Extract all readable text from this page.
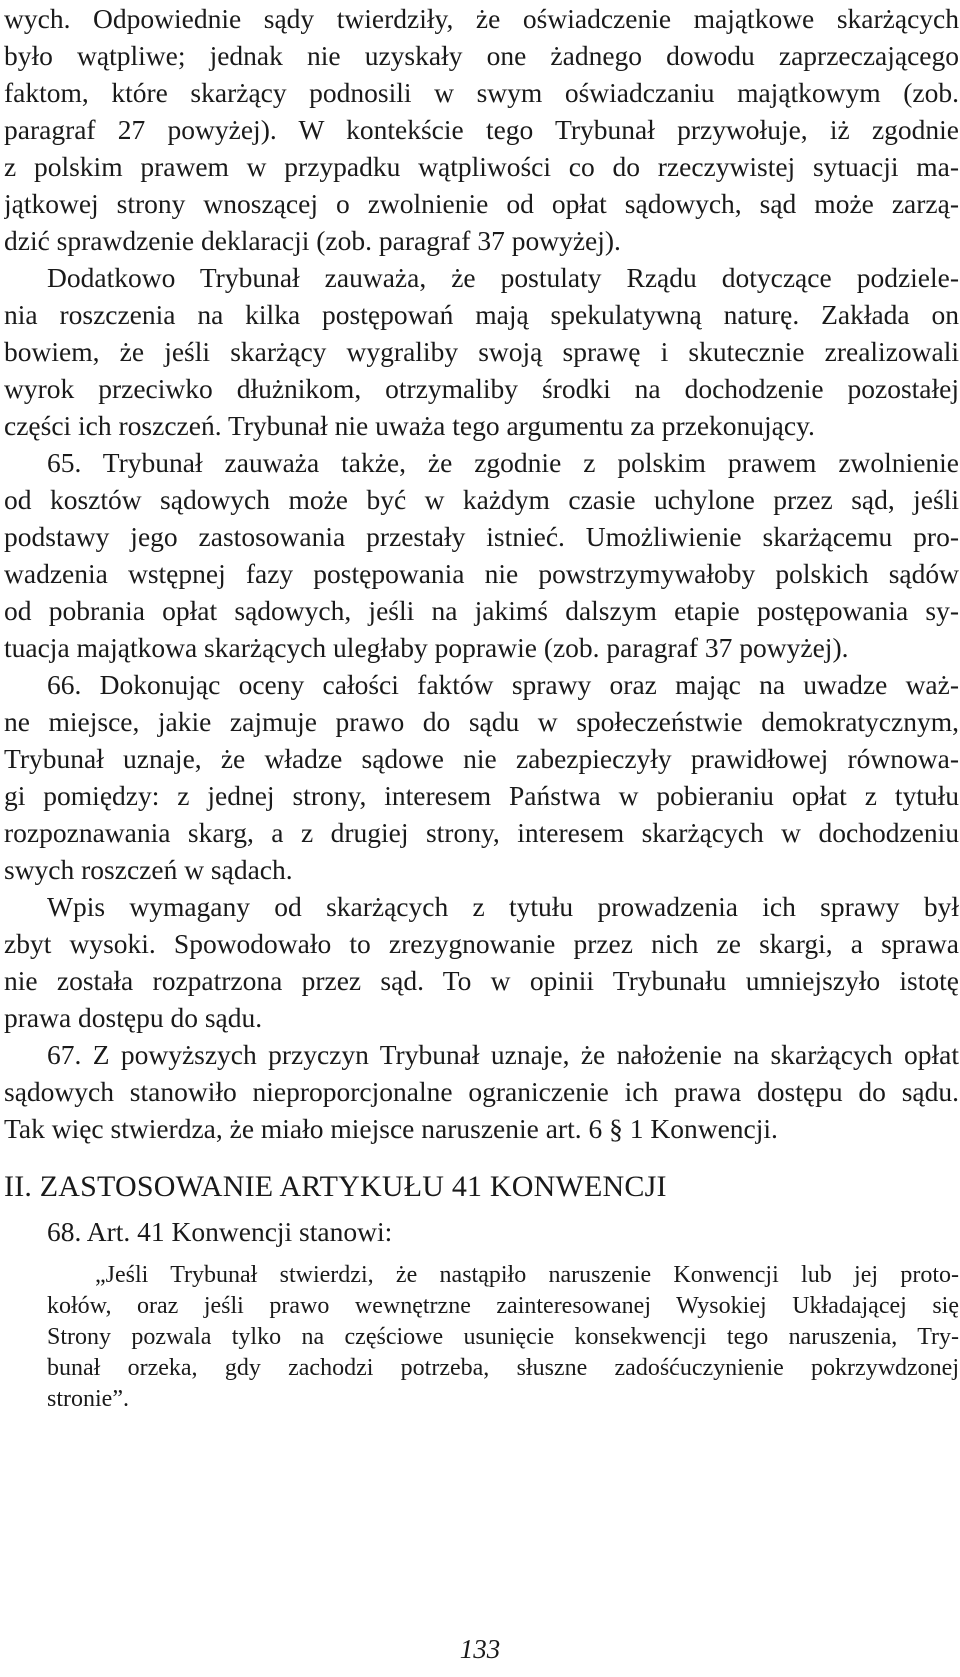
wych. Odpowiednie sądy twierdziły, że oświadczenie majątkowe skarżących
było wątpliwe; jednak nie uzyskały one żadnego dowodu zaprzeczającego
faktom, które skarżący podnosili w swym oświadczaniu majątkowym (zob.
paragraf 27 powyżej). W kontekście tego Trybunał przywołuje, iż zgodnie
z polskim prawem w przypadku wątpliwości co do rzeczywistej sytuacji ma-
jątkowej strony wnoszącej o zwolnienie od opłat sądowych, sąd może zarzą-
dzić sprawdzenie deklaracji (zob. paragraf 37 powyżej).
Dodatkowo Trybunał zauważa, że postulaty Rządu dotyczące podziele-
nia roszczenia na kilka postępowań mają spekulatywną naturę. Zakłada on
bowiem, że jeśli skarżący wygraliby swoją sprawę i skutecznie zrealizowali
wyrok przeciwko dłużnikom, otrzymaliby środki na dochodzenie pozostałej
części ich roszczeń. Trybunał nie uważa tego argumentu za przekonujący.
65. Trybunał zauważa także, że zgodnie z polskim prawem zwolnienie
od kosztów sądowych może być w każdym czasie uchylone przez sąd, jeśli
podstawy jego zastosowania przestały istnieć. Umożliwienie skarżącemu pro-
wadzenia wstępnej fazy postępowania nie powstrzymywałoby polskich sądów
od pobrania opłat sądowych, jeśli na jakimś dalszym etapie postępowania sy-
tuacja majątkowa skarżących uległaby poprawie (zob. paragraf 37 powyżej).
66. Dokonując oceny całości faktów sprawy oraz mając na uwadze waż-
ne miejsce, jakie zajmuje prawo do sądu w społeczeństwie demokratycznym,
Trybunał uznaje, że władze sądowe nie zabezpieczyły prawidłowej równowa-
gi pomiędzy: z jednej strony, interesem Państwa w pobieraniu opłat z tytułu
rozpoznawania skarg, a z drugiej strony, interesem skarżących w dochodzeniu
swych roszczeń w sądach.
Wpis wymagany od skarżących z tytułu prowadzenia ich sprawy był
zbyt wysoki. Spowodowało to zrezygnowanie przez nich ze skargi, a sprawa
nie została rozpatrzona przez sąd. To w opinii Trybunału umniejszyło istotę
prawa dostępu do sądu.
67. Z powyższych przyczyn Trybunał uznaje, że nałożenie na skarżących opłat
sądowych stanowiło nieproporcjonalne ograniczenie ich prawa dostępu do sądu.
Tak więc stwierdza, że miało miejsce naruszenie art. 6 § 1 Konwencji.
II. ZASTOSOWANIE ARTYKUŁU 41 KONWENCJI
68. Art. 41 Konwencji stanowi:
„Jeśli Trybunał stwierdzi, że nastąpiło naruszenie Konwencji lub jej proto-
kołów, oraz jeśli prawo wewnętrzne zainteresowanej Wysokiej Układającej się
Strony pozwala tylko na częściowe usunięcie konsekwencji tego naruszenia, Try-
bunał orzeka, gdy zachodzi potrzeba, słuszne zadośćuczynienie pokrzywdzonej
stronie”.
133
